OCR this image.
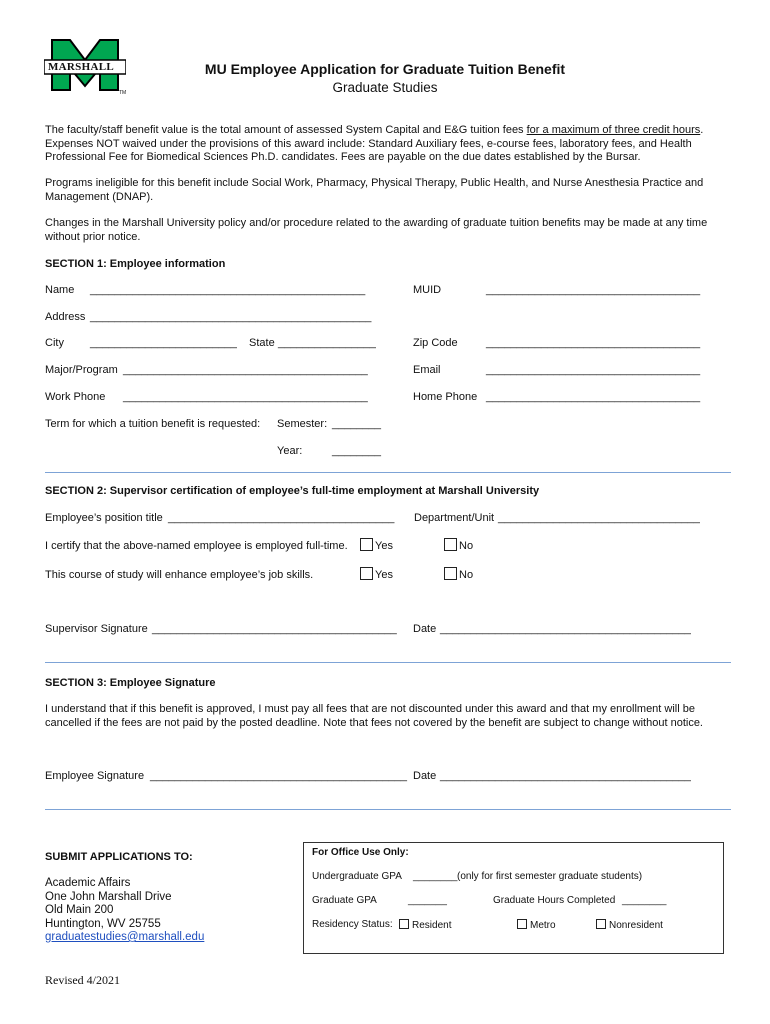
MARSHALL
TM
MU Employee Application for Graduate Tuition Benefit
Graduate Studies
The faculty/staff benefit value is the total amount of assessed System Capital and E&G tuition fees for a maximum of three credit hours. Expenses NOT waived under the provisions of this award include: Standard Auxiliary fees, e-course fees, laboratory fees, and Health Professional Fee for Biomedical Sciences Ph.D. candidates. Fees are payable on the due dates established by the Bursar.
Programs ineligible for this benefit include Social Work, Pharmacy, Physical Therapy, Public Health, and Nurse Anesthesia Practice and Management (DNAP).
Changes in the Marshall University policy and/or procedure related to the awarding of graduate tuition benefits may be made at any time without prior notice.
SECTION 1: Employee information
Name _____________________________________________	MUID	___________________________________
Address ______________________________________________
City ________________________ State ________________	Zip Code	___________________________________
Major/Program ________________________________________	Email	___________________________________
Work Phone ________________________________________	Home Phone ___________________________________
Term for which a tuition benefit is requested: Semester: ________
Year:	________
SECTION 2: Supervisor certification of employee’s full-time employment at Marshall University
Employee’s position title _____________________________________ Department/Unit _________________________________
I certify that the above-named employee is employed full-time.	Yes	No
This course of study will enhance employee’s job skills.	Yes	No
Supervisor Signature ________________________________________ Date _________________________________________
SECTION 3: Employee Signature
I understand that if this benefit is approved, I must pay all fees that are not discounted under this award and that my enrollment will be cancelled if the fees are not paid by the posted deadline. Note that fees not covered by the benefit are subject to change without notice.
Employee Signature __________________________________________ Date _________________________________________
SUBMIT APPLICATIONS TO:
Academic Affairs
One John Marshall Drive
Old Main 200
Huntington, WV 25755
graduatestudies@marshall.edu
For Office Use Only:
Undergraduate GPA ________ (only for first semester graduate students)
Graduate GPA	_______	Graduate Hours Completed ________
Residency Status:	Resident	Metro	Nonresident
Revised 4/2021
